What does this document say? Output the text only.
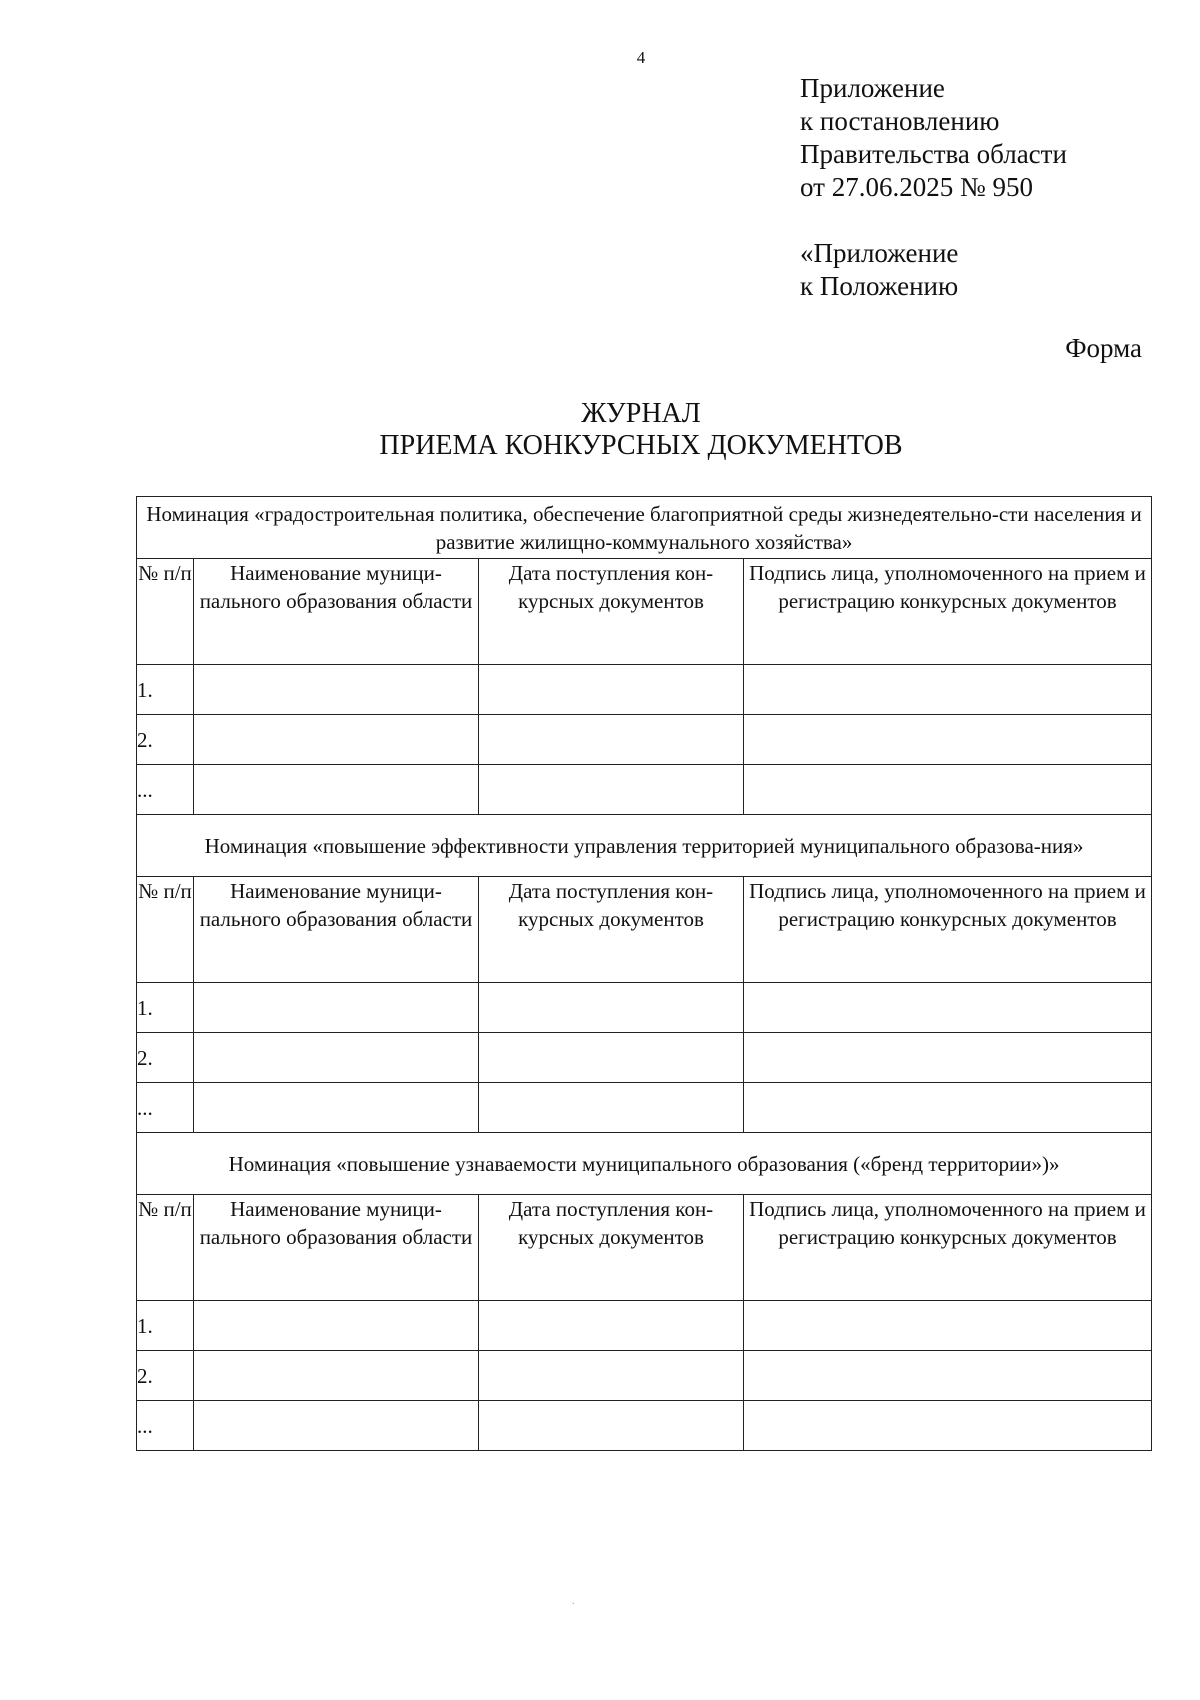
4
Приложение
к постановлению
Правительства области
от 27.06.2025 № 950
«Приложение
к Положению
Форма
ЖУРНАЛ
ПРИЕМА КОНКУРСНЫХ ДОКУМЕНТОВ
Номинация «градостроительная политика, обеспечение благоприятной среды жизнедеятельно-сти населения и развитие жилищно-коммунального хозяйства»			
№ п/п	Наименование муници-пального образования области	Дата поступления кон-курсных документов	Подпись лица, уполномоченного на прием и регистрацию конкурсных документов
1.			
2.			
...			
Номинация «повышение эффективности управления территорией муниципального образова-ния»			
№ п/п	Наименование муници-пального образования области	Дата поступления кон-курсных документов	Подпись лица, уполномоченного на прием и регистрацию конкурсных документов
1.			
2.			
...			
Номинация «повышение узнаваемости муниципального образования («бренд территории»)»			
№ п/п	Наименование муници-пального образования области	Дата поступления кон-курсных документов	Подпись лица, уполномоченного на прием и регистрацию конкурсных документов
1.			
2.			
...			
.
